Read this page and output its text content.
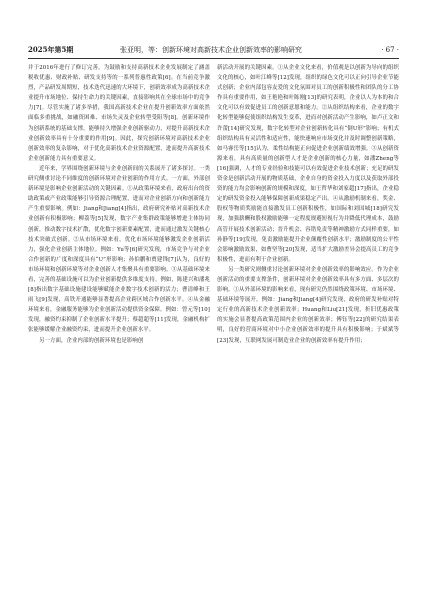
2025年第5期	张亚明，等：创新环境对高新技术企业创新效率的影响研究	· 67 ·

并于2016年进行了修订完善，为鼓励和支持高新技术企业发展制定了涵盖税收优惠、财政补贴、研发支持等的一系列普惠性政策[6]。在当前竞争激烈，产品研发周期短，技术迭代迅速的大环境下，创新效率成为高新技术企业提升市场地位、保持生命力的关键因素，直接影响其在全球市场中的竞争力[7]。尽管实施了诸多举措，我国高新技术企业在提升创新效率方面依然面临多重挑战，如融资困难、市场失灵及企业转型受阻等[8]。创新环境作为创新系统的基础支撑，能够持久增强企业创新驱动力，对提升高新技术企业创新效率具有十分重要的作用[9]。因此，探究创新环境对高新技术企业创新效率的复杂影响，对于优化高新技术企业资源配置，进而提升高新技术企业创新能力具有重要意义。

近年来，学界围绕创新环境与企业创新间的关系展开了诸多探讨。一类研究侧重讨论不同维度的创新环境对企业创新的作用方式。一方面，外部创新环境是影响企业创新活动的关键因素。①从政策环境来看，政府出台的资助政策或产业政策能够引导资源合理配置，进而对企业创新方向和创新能力产生重要影响。例如：Jiang和Jiang[4]指出，政府研究补贴对高新技术企业创新有积极影响；柳荔等[5]发现，数字产业集群政策能够增进主体协同创新，推动数字技术扩散，优化数字创新要素配置，进而通过激发关键核心技术突破式创新。②从市场环境来看，优化市场环境能够激发企业创新活力，强化企业创新主体地位。例如：Yu等[6]研究发现，市场竞争与对企业合作创新的广度和深度具有“U”形影响；孙伯鹏和贾建锋[7]认为，良好的市场环境和创新环境等对企业创新人才集聚具有重要影响。③从基础环境来看，完善的基础设施可以为企业创新提供多维度支持。例如，陈建兴和潘兆[8]指出数字基础设施建设能够赋能企业数字技术创新的活力；曹清峰和王雨飞[9]发现，高铁开通能够显著提高企业跨区域合作创新水平。④从金融环境来看，金融服务能够为企业创新活动提供资金保障。例如：曾元等[10]发现，融资约束抑制了企业创新水平提升；蔡超超等[11]发现，金融机构扩张能够缓解企业融资约束，进而提升企业创新水平。

另一方面，企业内部的创新环境也是影响创

新活动开展的关键因素。①从企业文化来看，价值观是以创新为导向的组织文化的核心，如叶江峰等[12]发现，组织的绿色文化可以正向引导企业节能式创新；企业内部包容友爱的文化氛围对员工的创新积极性和团队的分工协作具有重要作用，如王艳艳和叶陈刚[13]的研究表明，企业以人为本的和合文化可以有效促进员工的创新意愿和能力。②从组织结构来看，企业的数字化转型能够促使组织结构发生变革，进而对创新活动产生影响，如卢正文和许蕾[14]研究发现，数字化转型对企业创新转化具有“倒U形”影响；有机式组织结构具有灵活性和适应性，能快速响应市场变化并及时调整创新策略，如马睿岳等[15]认为，柔性结构能正向促进企业创新绩效增强。③从创新资源来看，具有高质量的创新型人才是企业创新的核心力量，如潘Zheng等[16]强调，人才的专业经验和技能可以有效促进企业技术创新；充足的研发资金是创新活动开展的物质基础，企业自身的资金投入力度以及获取外部投资的能力均会影响创新的规模和深度，如王哲华和刘家超[17]指出，企业稳定的研发资金投入能够保障创新成果稳定产出。④从激励机制来看，奖金、股权等物质奖励能直接激发员工创新积极性，如国际和刘国城[18]研究发现，加强薪酬和股权激励能够一定程度规避短视行为并降低代理成本，鼓励高管开展技术创新活动；晋升机会、容错免责等精神激励方式同样重要，如孙静等[19]发现，免责激励能提升企业颠覆性创新水平；激励制度的公平性会影响激励效果，如曹坚等[20]发现，适当扩大激励差异会提高员工的竞争积极性，进而有利于企业创新。

另一类研究则侧重讨论创新环境对企业创新效率的影响效应。作为企业创新活动的重要支撑条件，创新环境对企业创新效率具有多方面、多层次的影响。①从外部环境的影响来看，现有研究仍然围绕政策环境、市场环境、基础环境等展开。例如：Jiang和Jiang[4]研究发现，政府的研发补贴对特定行业的高新技术企业创新效率；Huang和Liu[21]发现，折旧优惠政策的实施会显著提高政策范围内企业的创新效率；傅钰等[22]的研究结果表明，良好的营商环境对中小企业创新效率的提升具有积极影响；于斌斌等[23]发现，互联网发展可制造业企业的创新效率有提升作用；
